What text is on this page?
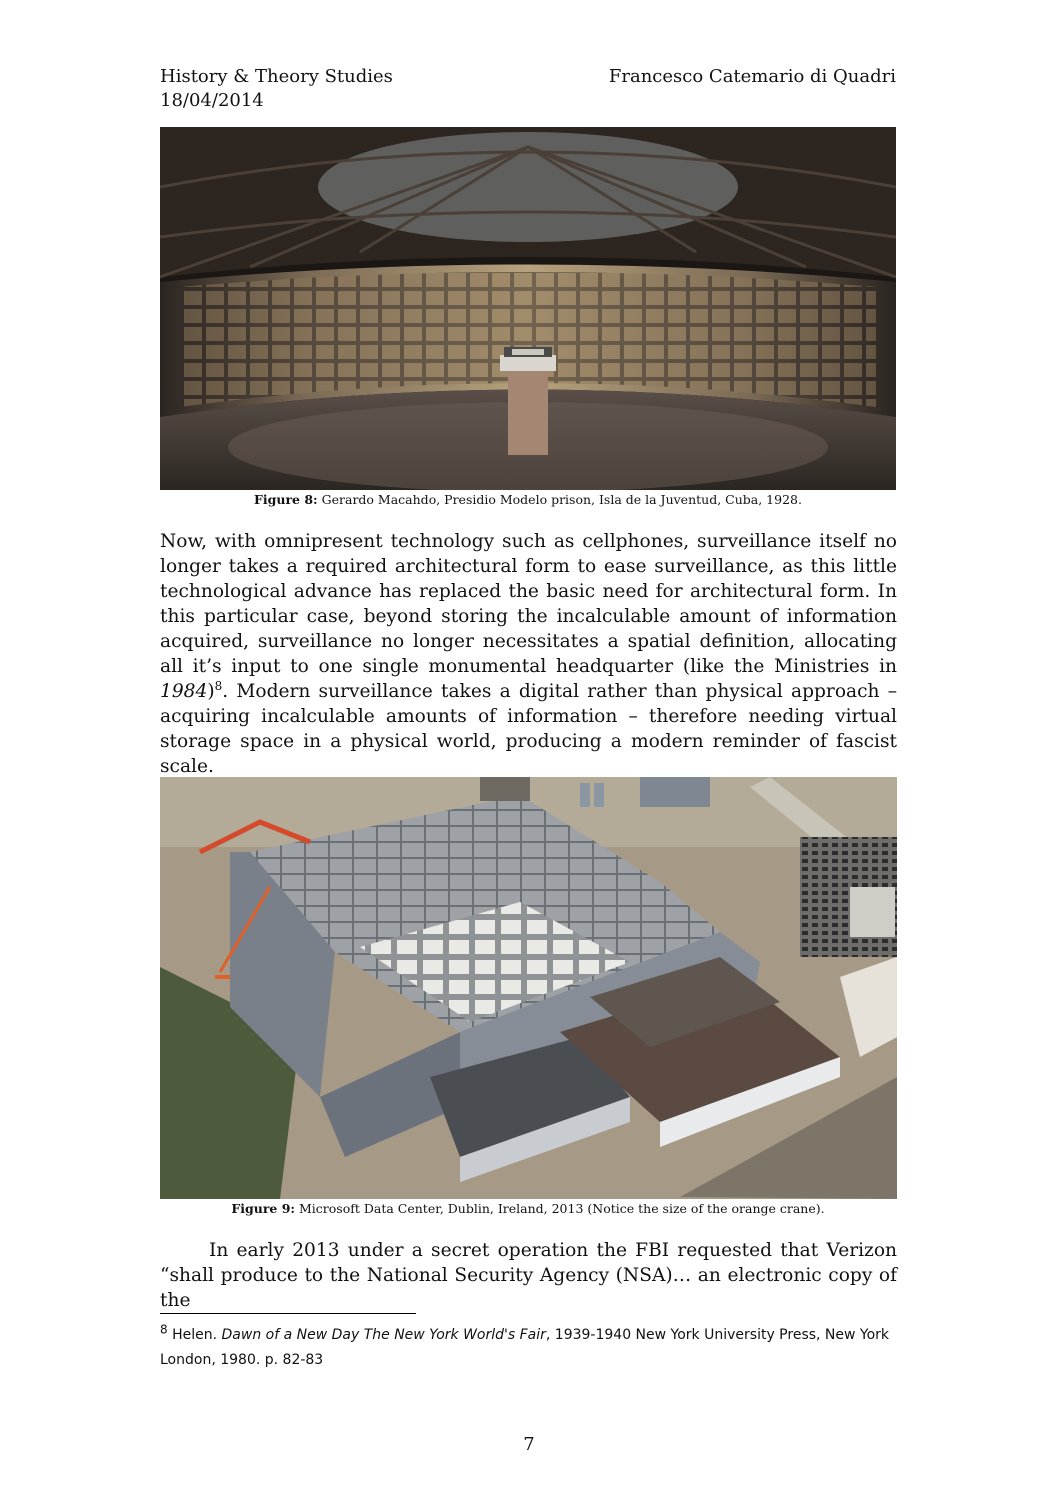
History & Theory Studies	Francesco Catemario di Quadri
18/04/2014
Figure 8: Gerardo Macahdo, Presidio Modelo prison, Isla de la Juventud, Cuba, 1928.
Now, with omnipresent technology such as cellphones, surveillance itself no longer takes a required architectural form to ease surveillance, as this little technological advance has replaced the basic need for architectural form. In this particular case, beyond storing the incalculable amount of information acquired, surveillance no longer necessitates a spatial definition, allocating all it’s input to one single monumental headquarter (like the Ministries in 1984)$^8$. Modern surveillance takes a digital rather than physical approach – acquiring incalculable amounts of information – therefore needing virtual storage space in a physical world, producing a modern reminder of fascist scale.
Figure 9: Microsoft Data Center, Dublin, Ireland, 2013 (Notice the size of the orange crane).
In early 2013 under a secret operation the FBI requested that Verizon “shall produce to the National Security Agency (NSA)… an electronic copy of the
$^8$ Helen. Dawn of a New Day The New York World's Fair, 1939-1940 New York University Press, New York London, 1980. p. 82-83
7
